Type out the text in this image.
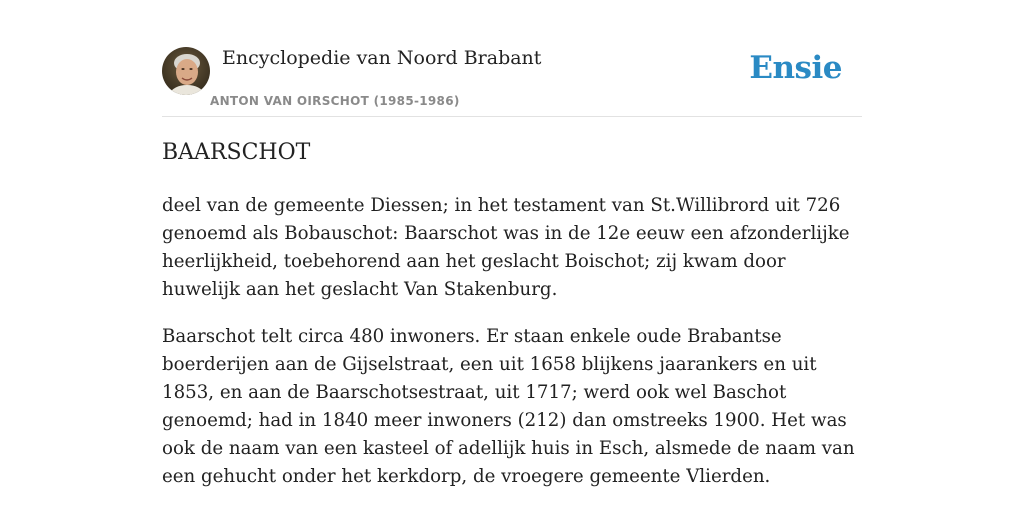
Encyclopedie van Noord Brabant
ANTON VAN OIRSCHOT (1985-1986)
Ensie
BAARSCHOT

deel van de gemeente Diessen; in het testament van St.Willibrord uit 726 genoemd als Bobauschot: Baarschot was in de 12e eeuw een afzonderlijke heerlijkheid, toebehorend aan het geslacht Boischot; zij kwam door huwelijk aan het geslacht Van Stakenburg.

Baarschot telt circa 480 inwoners. Er staan enkele oude Brabantse boerderijen aan de Gijselstraat, een uit 1658 blijkens jaarankers en uit 1853, en aan de Baarschotsestraat, uit 1717; werd ook wel Baschot genoemd; had in 1840 meer inwoners (212) dan omstreeks 1900. Het was ook de naam van een kasteel of adellijk huis in Esch, alsmede de naam van een gehucht onder het kerkdorp, de vroegere gemeente Vlierden.
